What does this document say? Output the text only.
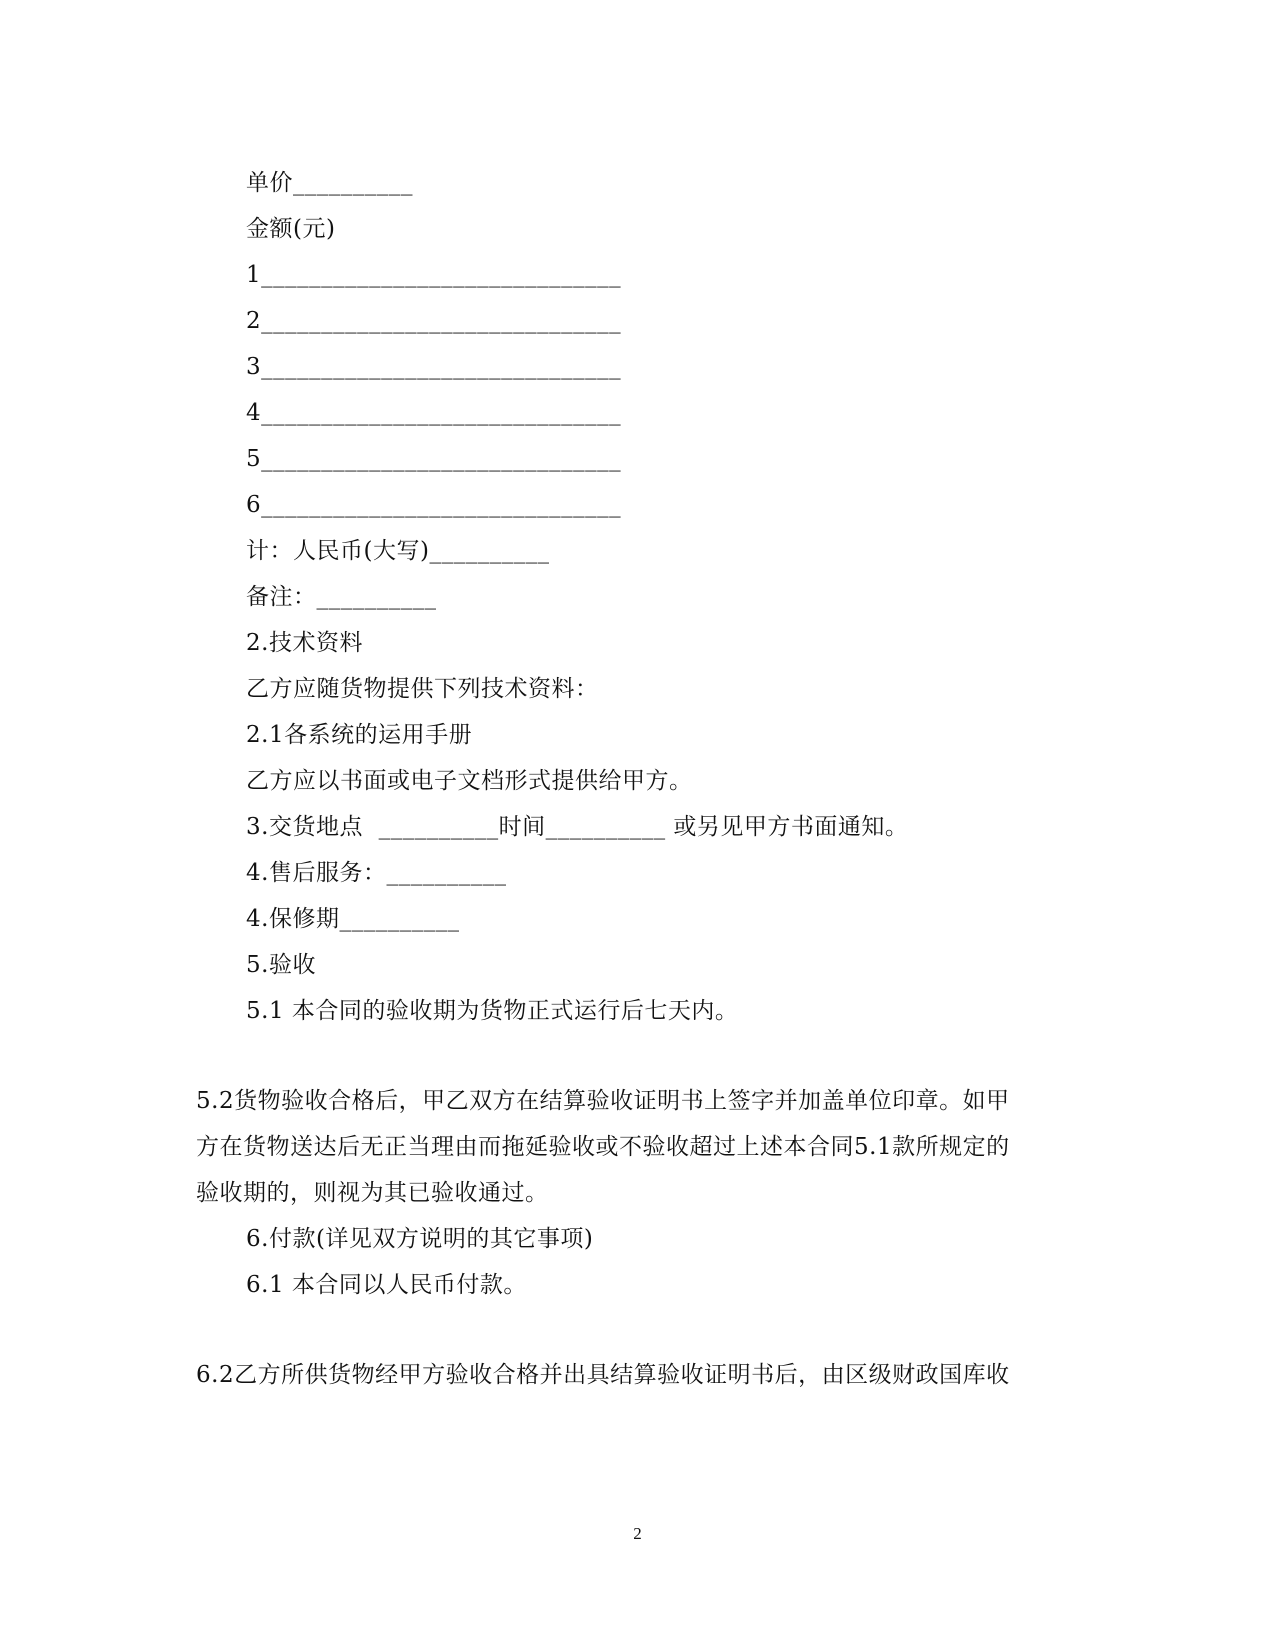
单价__________
金额(元)
1______________________________
2______________________________
3______________________________
4______________________________
5______________________________
6______________________________
计：人民币(大写)__________
备注：__________
2.技术资料
乙方应随货物提供下列技术资料：
2.1各系统的运用手册
乙方应以书面或电子文档形式提供给甲方。
3.交货地点  __________时间__________ 或另见甲方书面通知。
4.售后服务：__________
4.保修期__________
5.验收
5.1 本合同的验收期为货物正式运行后七天内。
5.2货物验收合格后，甲乙双方在结算验收证明书上签字并加盖单位印章。如甲
方在货物送达后无正当理由而拖延验收或不验收超过上述本合同5.1款所规定的
验收期的，则视为其已验收通过。
6.付款(详见双方说明的其它事项)
6.1 本合同以人民币付款。
6.2乙方所供货物经甲方验收合格并出具结算验收证明书后，由区级财政国库收
2
